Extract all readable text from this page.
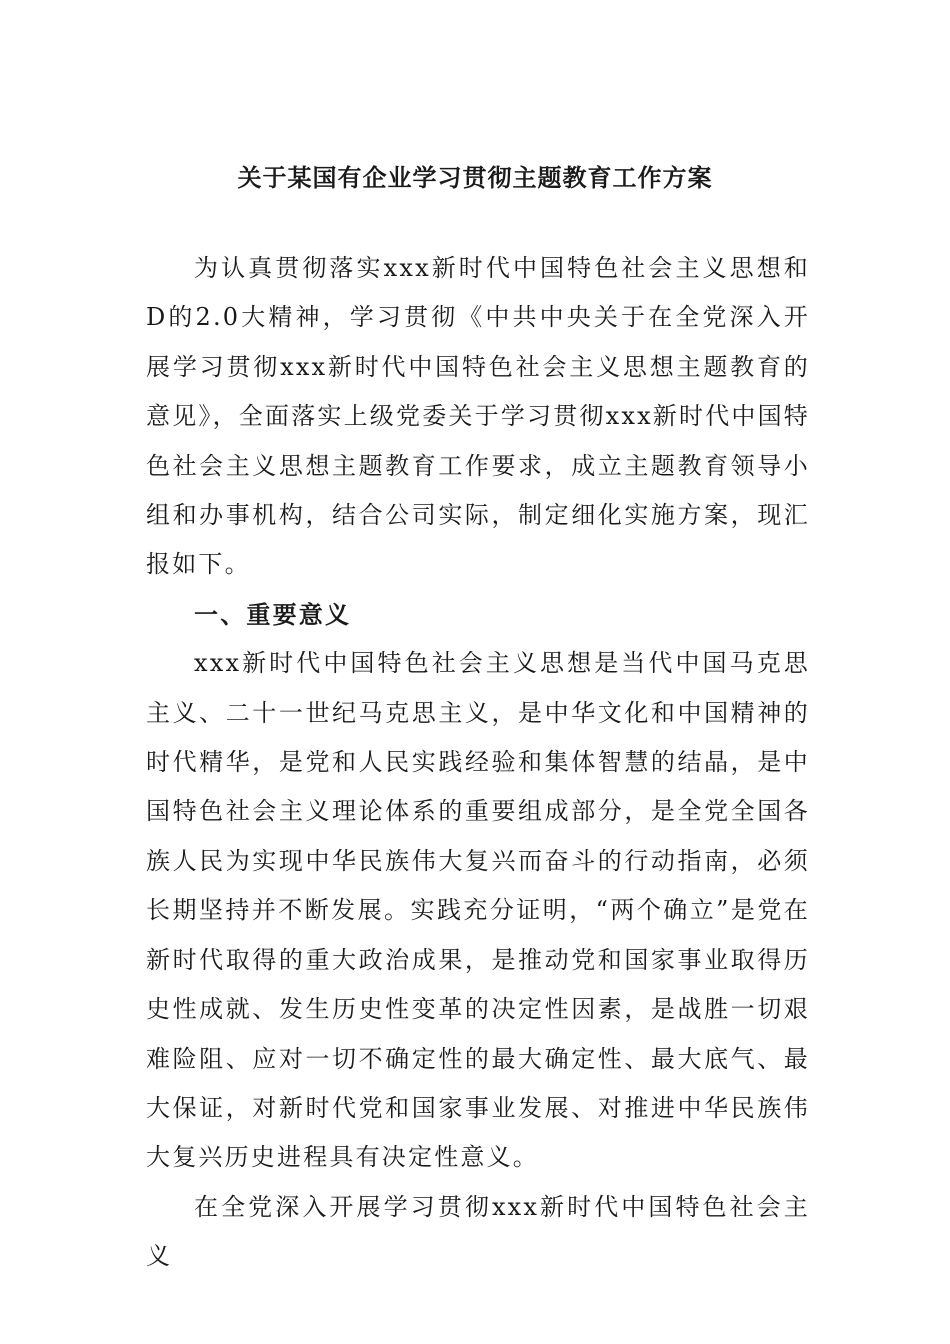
关于某国有企业学习贯彻主题教育工作方案

为认真贯彻落实xxx新时代中国特色社会主义思想和D的2.0大精神，学习贯彻《中共中央关于在全党深入开展学习贯彻xxx新时代中国特色社会主义思想主题教育的意见》，全面落实上级党委关于学习贯彻xxx新时代中国特色社会主义思想主题教育工作要求，成立主题教育领导小组和办事机构，结合公司实际，制定细化实施方案，现汇报如下。

一、重要意义

xxx新时代中国特色社会主义思想是当代中国马克思主义、二十一世纪马克思主义，是中华文化和中国精神的时代精华，是党和人民实践经验和集体智慧的结晶，是中国特色社会主义理论体系的重要组成部分，是全党全国各族人民为实现中华民族伟大复兴而奋斗的行动指南，必须长期坚持并不断发展。实践充分证明，“两个确立”是党在新时代取得的重大政治成果，是推动党和国家事业取得历史性成就、发生历史性变革的决定性因素，是战胜一切艰难险阻、应对一切不确定性的最大确定性、最大底气、最大保证，对新时代党和国家事业发展、对推进中华民族伟大复兴历史进程具有决定性意义。

在全党深入开展学习贯彻xxx新时代中国特色社会主义
